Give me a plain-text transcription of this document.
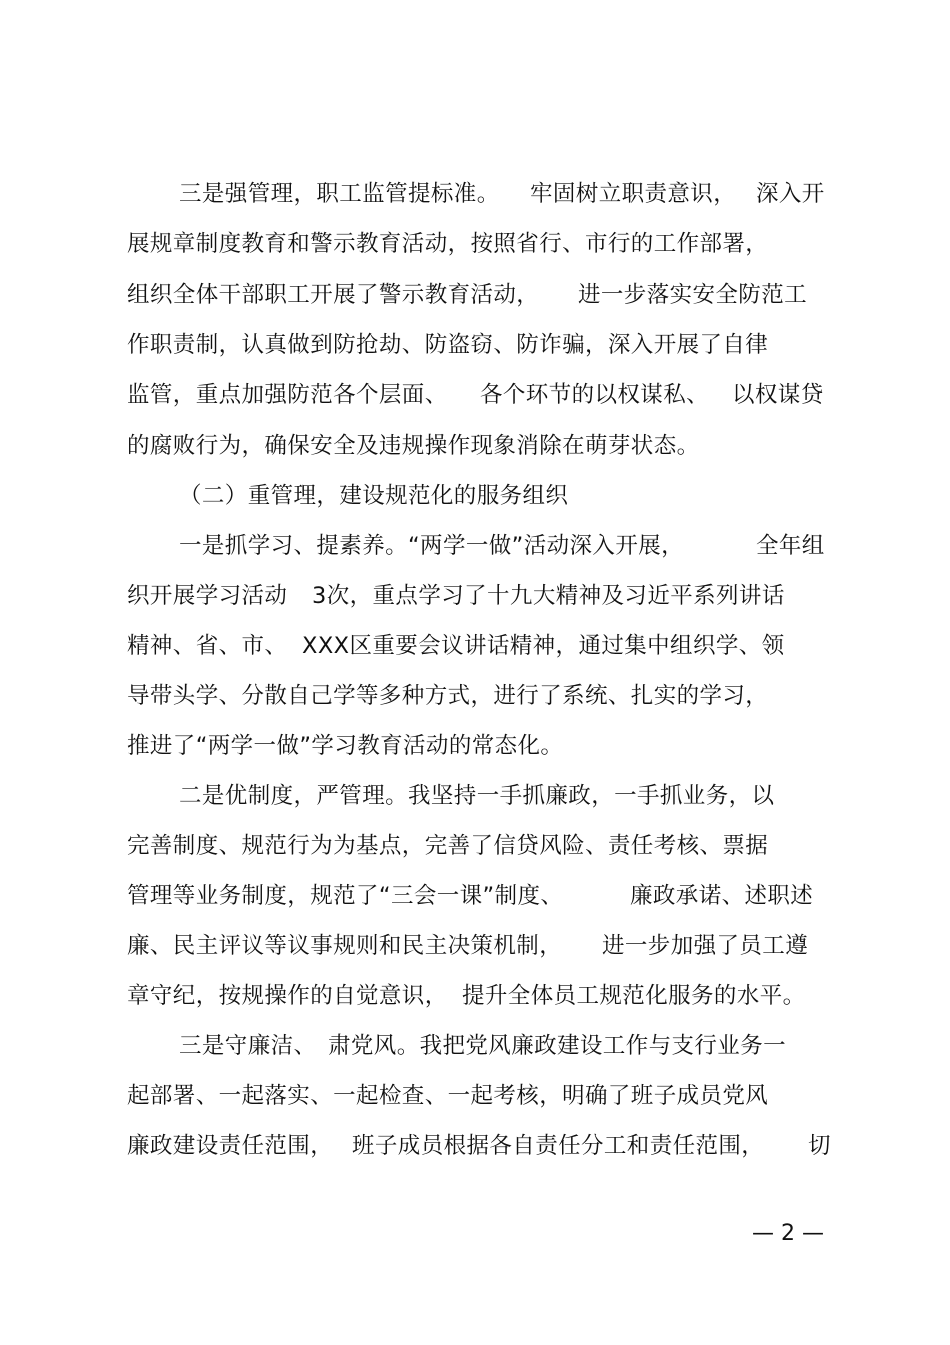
三是强管理，职工监管提标准。 牢固树立职责意识， 深入开
展规章制度教育和警示教育活动，按照省行、市行的工作部署，
组织全体干部职工开展了警示教育活动， 进一步落实安全防范工
作职责制，认真做到防抢劫、防盗窃、防诈骗，深入开展了自律
监管，重点加强防范各个层面、 各个环节的以权谋私、 以权谋贷
的腐败行为，确保安全及违规操作现象消除在萌芽状态。
（二）重管理，建设规范化的服务组织
一是抓学习、提素养。“两学一做”活动深入开展，	全年组
织开展学习活动 3次，重点学习了十九大精神及习近平系列讲话
精神、省、市、 XXX区重要会议讲话精神，通过集中组织学、领
导带头学、分散自己学等多种方式，进行了系统、扎实的学习，
推进了“两学一做”学习教育活动的常态化。
二是优制度，严管理。我坚持一手抓廉政，一手抓业务，以
完善制度、规范行为为基点，完善了信贷风险、责任考核、票据
管理等业务制度，规范了“三会一课”制度、	廉政承诺、述职述
廉、民主评议等议事规则和民主决策机制， 进一步加强了员工遵
章守纪，按规操作的自觉意识， 提升全体员工规范化服务的水平。
三是守廉洁、 肃党风。我把党风廉政建设工作与支行业务一
起部署、一起落实、一起检查、一起考核，明确了班子成员党风
廉政建设责任范围， 班子成员根据各自责任分工和责任范围， 切
— 2 —
